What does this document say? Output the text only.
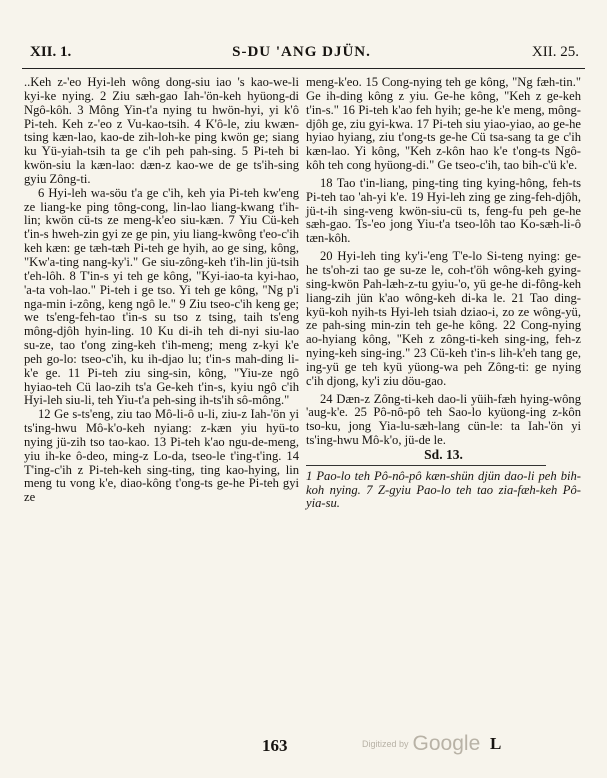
XII. 1.	S-DU 'ANG DJÜN.	XII. 25.

..Keh z-'eo Hyi-leh wông dong-siu iao 's kao-we-li kyi-ke nying. 2 Ziu sæh-gao Iah-'ön-keh hyüong-di Ngô-kôh. 3 Mông Yin-t'a nying tu hwön-hyi, yi k'ô Pi-teh. Keh z-'eo z Vu-kao-tsih. 4 K'ô-le, ziu kwæn-tsing kæn-lao, kao-de zih-loh-ke ping kwön ge; siang ku Yü-yiah-tsih ta ge c'ih peh pah-sing. 5 Pi-teh bi kwön-siu la kæn-lao: dæn-z kao-we de ge ts'ih-sing gyiu Zông-ti.

6 Hyi-leh wa-söu t'a ge c'ih, keh yia Pi-teh kw'eng ze liang-ke ping tông-cong, lin-lao liang-kwang t'ih-lin; kwön cü-ts ze meng-k'eo siu-kæn. 7 Yiu Cü-keh t'in-s hweh-zin gyi ze ge pin, yiu liang-kwông t'eo-c'ih keh kæn: ge tæh-tæh Pi-teh ge hyih, ao ge sing, kông, "Kw'a-ting nang-ky'i." Ge siu-zông-keh t'ih-lin jü-tsih t'eh-lôh. 8 T'in-s yi teh ge kông, "Kyi-iao-ta kyi-hao, 'a-ta voh-lao." Pi-teh i ge tso. Yi teh ge kông, "Ng p'i nga-min i-zông, keng ngô le." 9 Ziu tseo-c'ih keng ge; we ts'eng-feh-tao t'in-s su tso z tsing, taih ts'eng mông-djôh hyin-ling. 10 Ku di-ih teh di-nyi siu-lao su-ze, tao t'ong zing-keh t'ih-meng; meng z-kyi k'e peh go-lo: tseo-c'ih, ku ih-djao lu; t'in-s mah-ding li-k'e ge. 11 Pi-teh ziu sing-sin, kông, "Yiu-ze ngô hyiao-teh Cü lao-zih ts'a Ge-keh t'in-s, kyiu ngô c'ih Hyi-leh siu-li, teh Yiu-t'a peh-sing ih-ts'ih sô-mông."

12 Ge s-ts'eng, ziu tao Mô-li-ô u-li, ziu-z Iah-'ön yi ts'ing-hwu Mô-k'o-keh nyiang: z-kæn yiu hyü-to nying jü-zih tso tao-kao. 13 Pi-teh k'ao ngu-de-meng, yiu ih-ke ô-deo, ming-z Lo-da, tseo-le t'ing-t'ing. 14 T'ing-c'ih z Pi-teh-keh sing-ting, ting kao-hying, lin meng tu vong k'e, diao-kông t'ong-ts ge-he Pi-teh gyi ze

meng-k'eo. 15 Cong-nying teh ge kông, "Ng fæh-tin." Ge ih-ding kông z yiu. Ge-he kông, "Keh z ge-keh t'in-s." 16 Pi-teh k'ao feh hyih; ge-he k'e meng, mông-djôh ge, ziu gyi-kwa. 17 Pi-teh siu yiao-yiao, ao ge-he hyiao hyiang, ziu t'ong-ts ge-he Cü tsa-sang ta ge c'ih kæn-lao. Yi kông, "Keh z-kôn hao k'e t'ong-ts Ngô-kôh teh cong hyüong-di." Ge tseo-c'ih, tao bih-c'ü k'e.

18 Tao t'in-liang, ping-ting ting kying-hông, feh-ts Pi-teh tao 'ah-yi k'e. 19 Hyi-leh zing ge zing-feh-djôh, jü-t-ih sing-veng kwön-siu-cü ts, feng-fu peh ge-he sæh-gao. Ts-'eo jong Yiu-t'a tseo-lôh tao Ko-sæh-li-ô tæn-kôh.

20 Hyi-leh ting ky'i-'eng T'e-lo Si-teng nying: ge-he ts'oh-zi tao ge su-ze le, coh-t'öh wông-keh gying-sing-kwön Pah-læh-z-tu gyiu-'o, yü ge-he di-fông-keh liang-zih jün k'ao wông-keh di-ka le. 21 Tao ding-kyü-koh nyih-ts Hyi-leh tsiah dziao-i, zo ze wông-yü, ze pah-sing min-zin teh ge-he kông. 22 Cong-nying ao-hyiang kông, "Keh z zông-ti-keh sing-ing, feh-z nying-keh sing-ing." 23 Cü-keh t'in-s lih-k'eh tang ge, ing-yü ge teh kyü yüong-wa peh Zông-ti: ge nying c'ih djong, ky'i ziu döu-gao.

24 Dæn-z Zông-ti-keh dao-li yüih-fæh hying-wông 'aug-k'e. 25 Pô-nô-pô teh Sao-lo kyüong-ing z-kôn tso-ku, jong Yia-lu-sæh-lang cün-le: ta Iah-'ön yi ts'ing-hwu Mô-k'o, jü-de le.

Sd. 13.

1 Pao-lo teh Pô-nô-pô kæn-shün djün dao-li peh bih-koh nying. 7 Z-gyiu Pao-lo teh tao zia-fæh-keh Pô-yia-su.

163	Digitized by Google L
